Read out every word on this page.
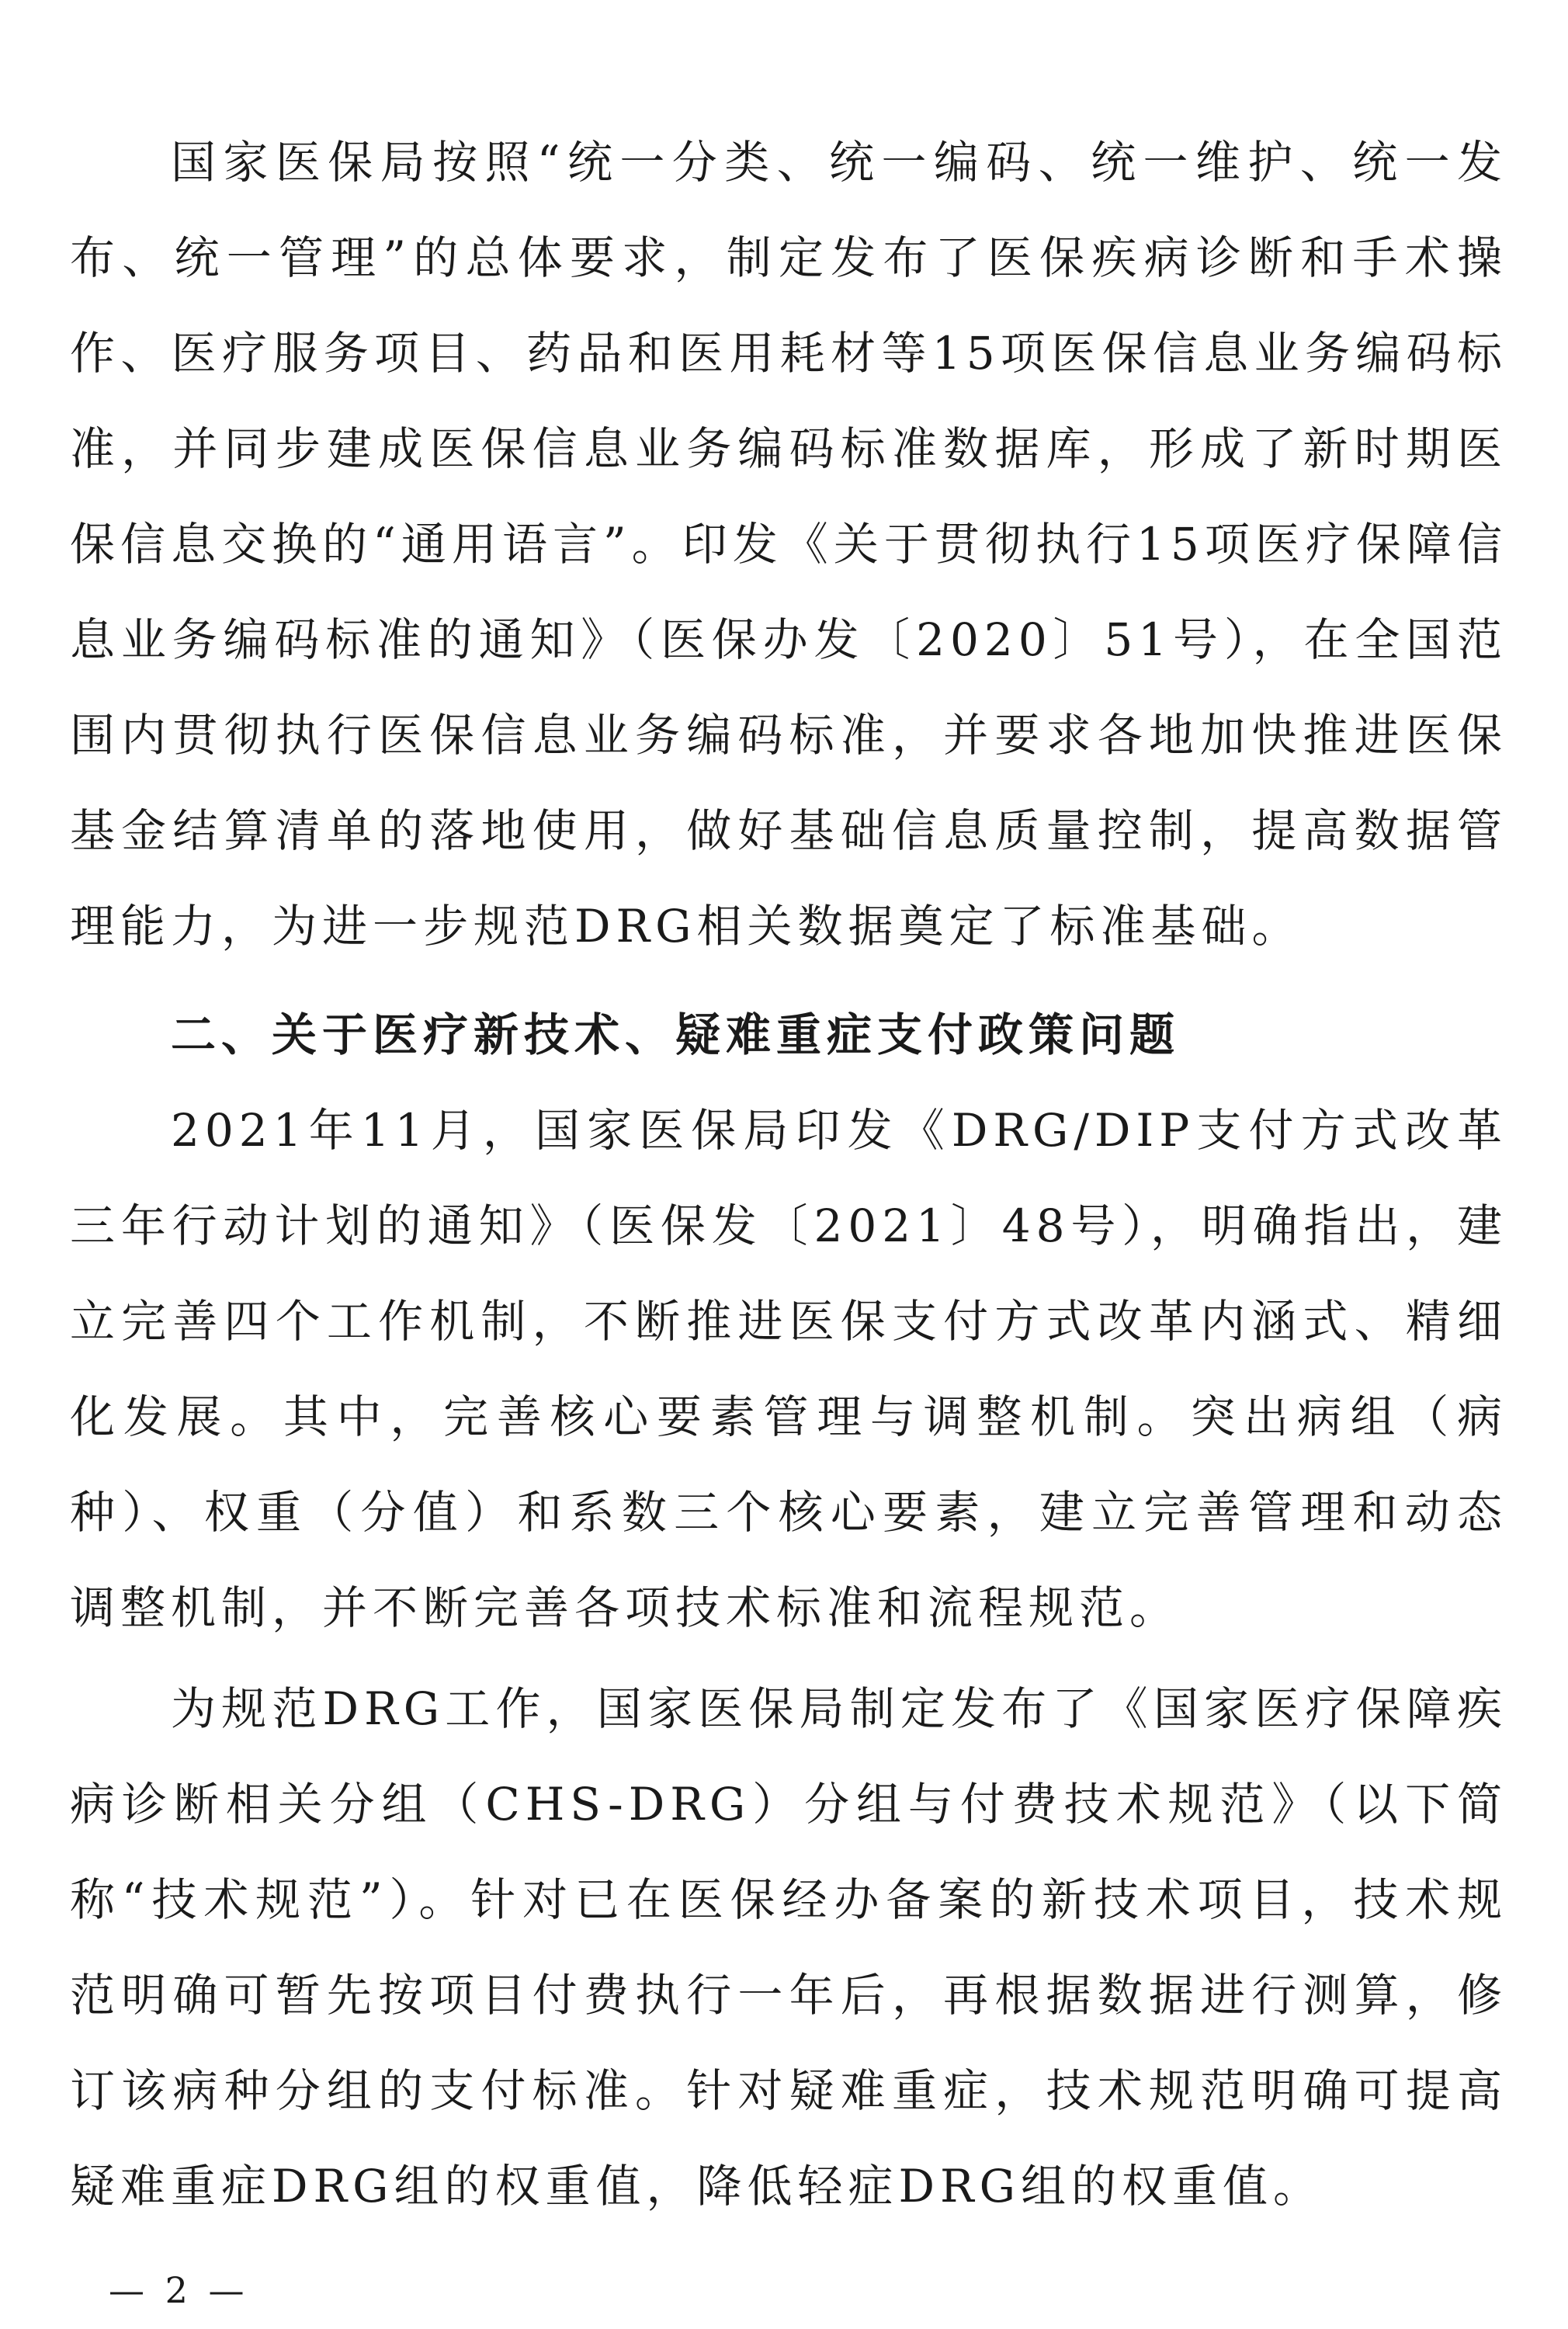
国家医保局按照“统一分类、统一编码、统一维护、统一发布、统一管理”的总体要求，制定发布了医保疾病诊断和手术操作、医疗服务项目、药品和医用耗材等15项医保信息业务编码标准，并同步建成医保信息业务编码标准数据库，形成了新时期医保信息交换的“通用语言”。印发《关于贯彻执行15项医疗保障信息业务编码标准的通知》（医保办发〔2020〕51号），在全国范围内贯彻执行医保信息业务编码标准，并要求各地加快推进医保基金结算清单的落地使用，做好基础信息质量控制，提高数据管理能力，为进一步规范DRG相关数据奠定了标准基础。

二、关于医疗新技术、疑难重症支付政策问题

2021年11月，国家医保局印发《DRG/DIP支付方式改革三年行动计划的通知》（医保发〔2021〕48号），明确指出，建立完善四个工作机制，不断推进医保支付方式改革内涵式、精细化发展。其中，完善核心要素管理与调整机制。突出病组（病种）、权重（分值）和系数三个核心要素，建立完善管理和动态调整机制，并不断完善各项技术标准和流程规范。

为规范DRG工作，国家医保局制定发布了《国家医疗保障疾病诊断相关分组（CHS-DRG）分组与付费技术规范》（以下简称“技术规范”）。针对已在医保经办备案的新技术项目，技术规范明确可暂先按项目付费执行一年后，再根据数据进行测算，修订该病种分组的支付标准。针对疑难重症，技术规范明确可提高疑难重症DRG组的权重值，降低轻症DRG组的权重值。

— 2 —
